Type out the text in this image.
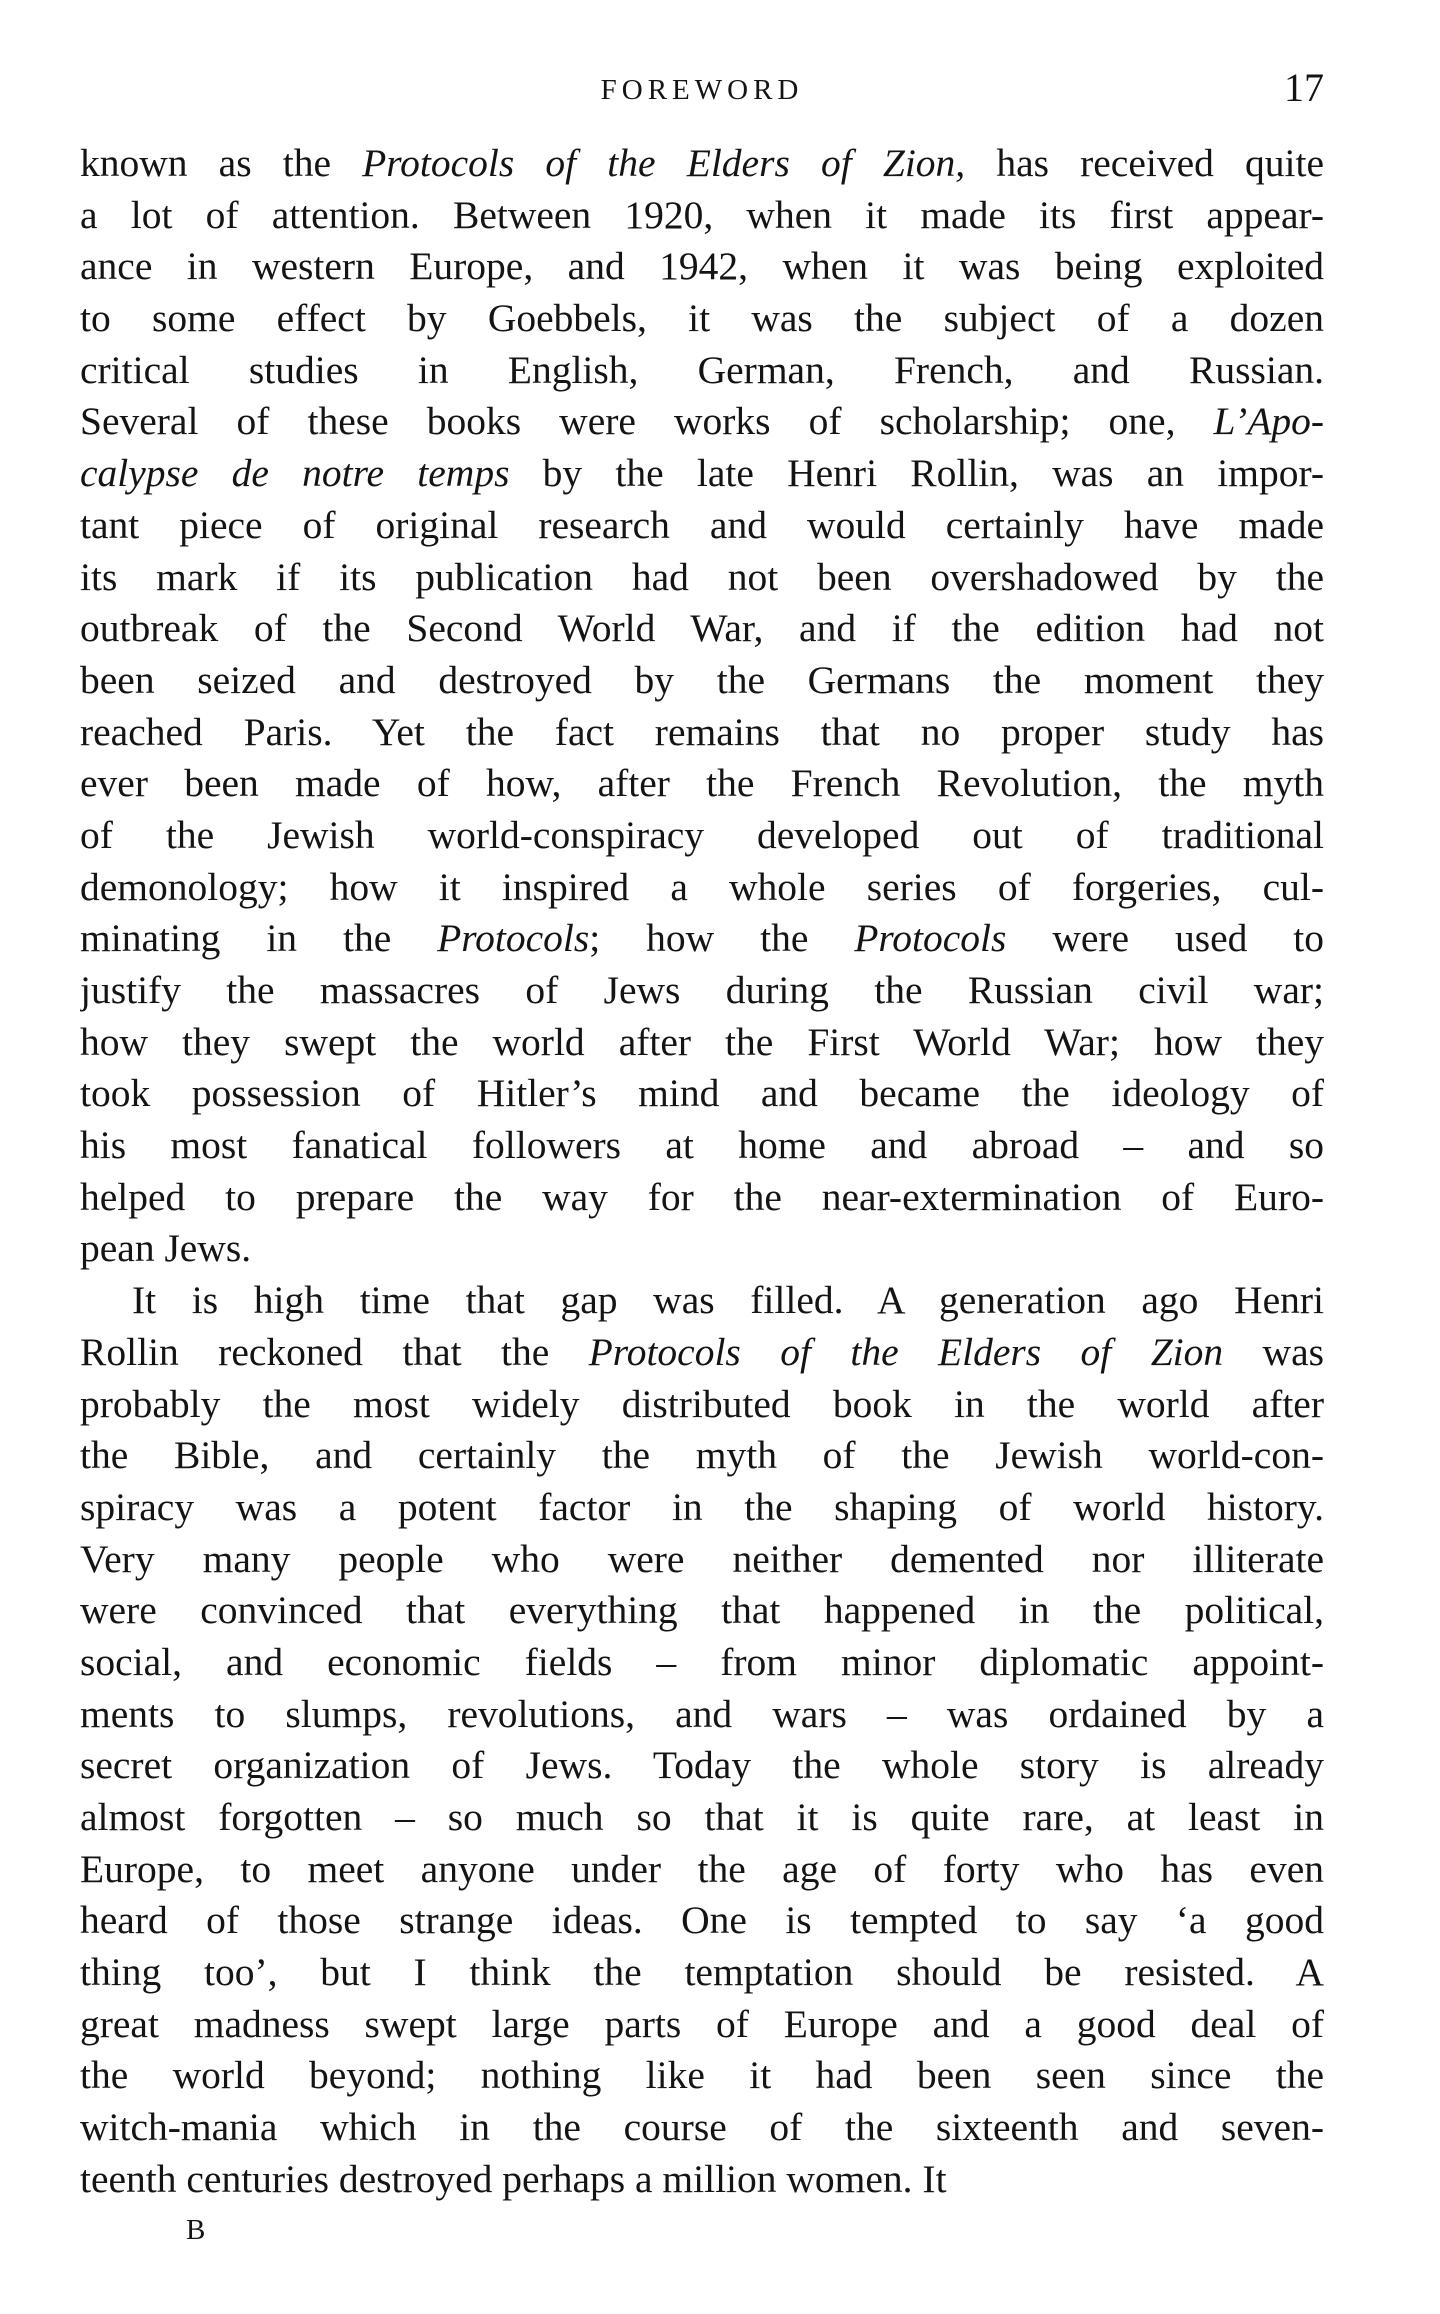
FOREWORD	17
known as the Protocols of the Elders of Zion, has received quite
a lot of attention. Between 1920, when it made its first appear-
ance in western Europe, and 1942, when it was being exploited
to some effect by Goebbels, it was the subject of a dozen
critical studies in English, German, French, and Russian.
Several of these books were works of scholarship; one, L’Apo-
calypse de notre temps by the late Henri Rollin, was an impor-
tant piece of original research and would certainly have made
its mark if its publication had not been overshadowed by the
outbreak of the Second World War, and if the edition had not
been seized and destroyed by the Germans the moment they
reached Paris. Yet the fact remains that no proper study has
ever been made of how, after the French Revolution, the myth
of the Jewish world-conspiracy developed out of traditional
demonology; how it inspired a whole series of forgeries, cul-
minating in the Protocols; how the Protocols were used to
justify the massacres of Jews during the Russian civil war;
how they swept the world after the First World War; how they
took possession of Hitler’s mind and became the ideology of
his most fanatical followers at home and abroad – and so
helped to prepare the way for the near-extermination of Euro-
pean Jews.
It is high time that gap was filled. A generation ago Henri
Rollin reckoned that the Protocols of the Elders of Zion was
probably the most widely distributed book in the world after
the Bible, and certainly the myth of the Jewish world-con-
spiracy was a potent factor in the shaping of world history.
Very many people who were neither demented nor illiterate
were convinced that everything that happened in the political,
social, and economic fields – from minor diplomatic appoint-
ments to slumps, revolutions, and wars – was ordained by a
secret organization of Jews. Today the whole story is already
almost forgotten – so much so that it is quite rare, at least in
Europe, to meet anyone under the age of forty who has even
heard of those strange ideas. One is tempted to say ‘a good
thing too’, but I think the temptation should be resisted. A
great madness swept large parts of Europe and a good deal of
the world beyond; nothing like it had been seen since the
witch-mania which in the course of the sixteenth and seven-
teenth centuries destroyed perhaps a million women. It
B
